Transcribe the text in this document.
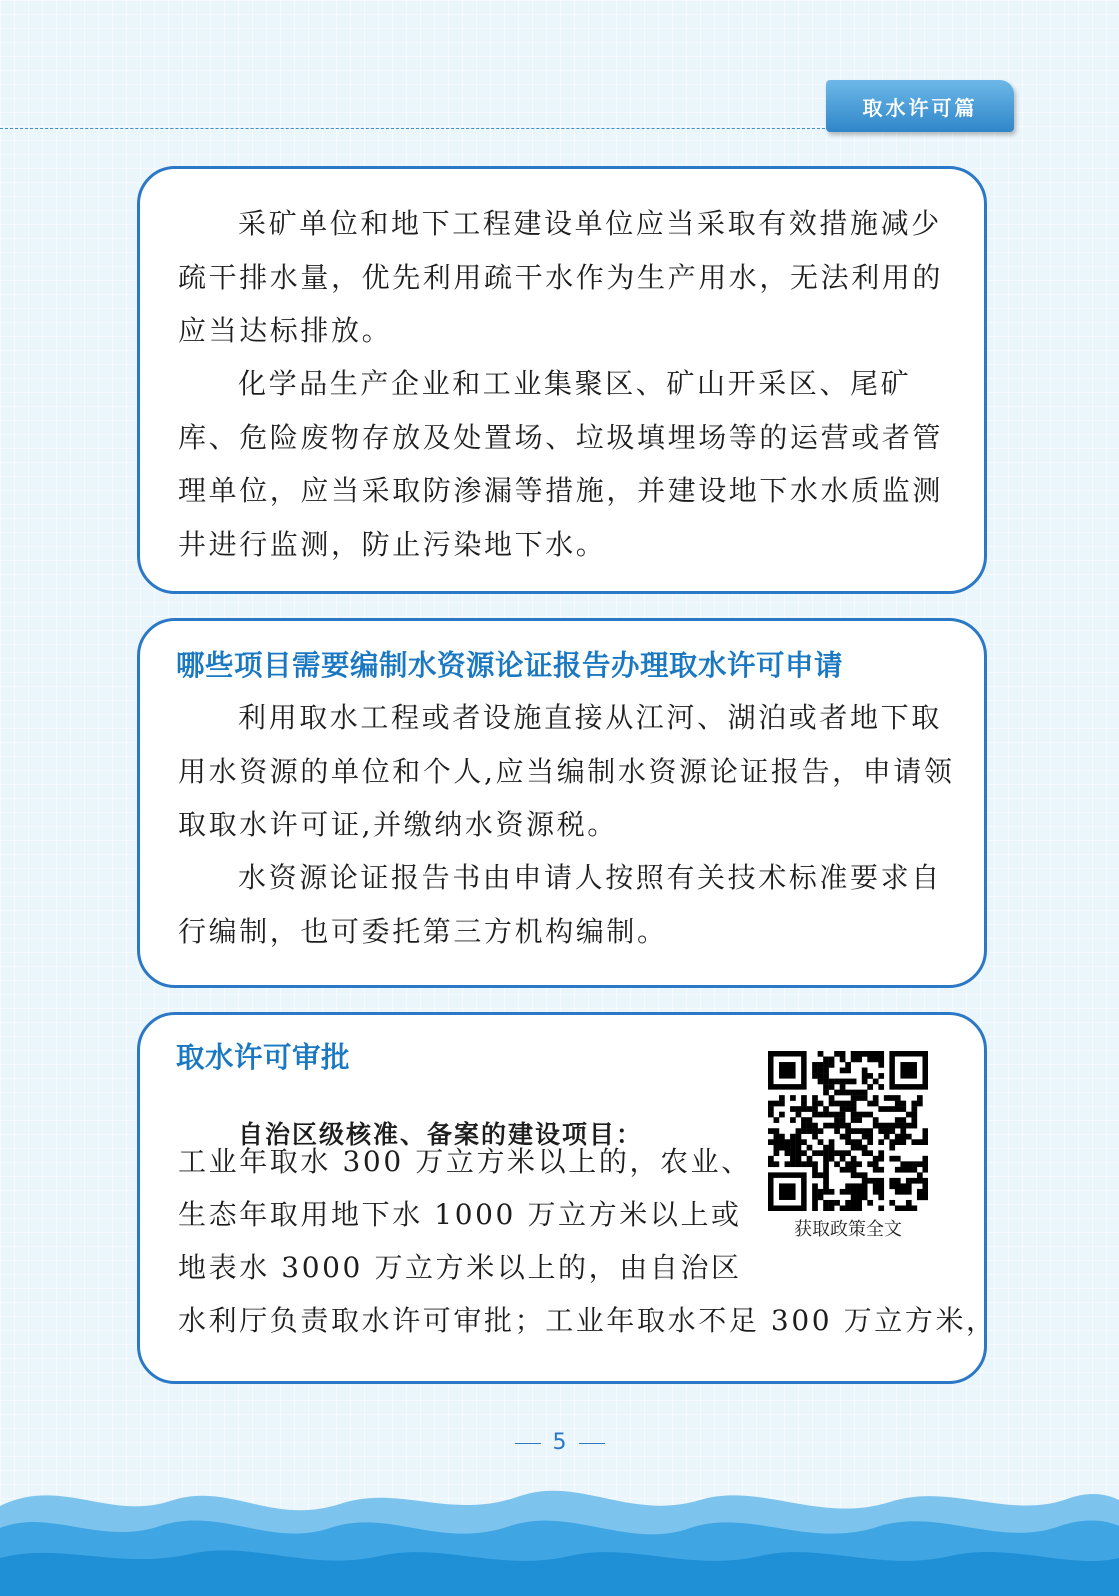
取水许可篇

采矿单位和地下工程建设单位应当采取有效措施减少疏干排水量，优先利用疏干水作为生产用水，无法利用的应当达标排放。

化学品生产企业和工业集聚区、矿山开采区、尾矿库、危险废物存放及处置场、垃圾填埋场等的运营或者管理单位，应当采取防渗漏等措施，并建设地下水水质监测井进行监测，防止污染地下水。

哪些项目需要编制水资源论证报告办理取水许可申请

利用取水工程或者设施直接从江河、湖泊或者地下取用水资源的单位和个人,应当编制水资源论证报告，申请领取取水许可证,并缴纳水资源税。

水资源论证报告书由申请人按照有关技术标准要求自行编制，也可委托第三方机构编制。

取水许可审批

自治区级核准、备案的建设项目：

获取政策全文

工业年取水 300 万立方米以上的，农业、

生态年取用地下水 1000 万立方米以上或

地表水 3000 万立方米以上的，由自治区

水利厅负责取水许可审批；工业年取水不足 300 万立方米，

5
